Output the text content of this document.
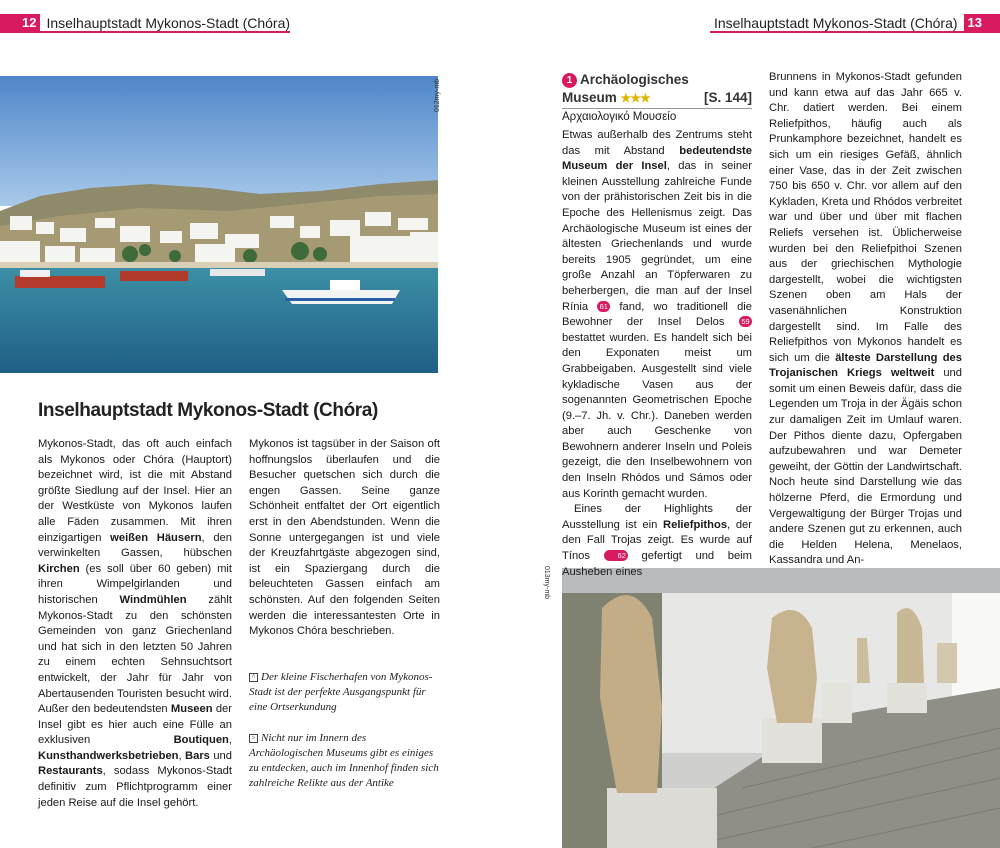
12 Inselhauptstadt Mykonos-Stadt (Chóra)	Inselhauptstadt Mykonos-Stadt (Chóra) 13
012my-mb
013my-mb
Inselhauptstadt Mykonos-Stadt (Chóra)
Mykonos-Stadt, das oft auch einfach als Mykonos oder Chóra (Hauptort) bezeichnet wird, ist die mit Abstand größte Siedlung auf der Insel. Hier an der Westküste von Mykonos laufen alle Fäden zusammen. Mit ihren einzigartigen weißen Häusern, den verwinkelten Gassen, hübschen Kirchen (es soll über 60 geben) mit ihren Wimpelgirlanden und historischen Windmühlen zählt Mykonos-Stadt zu den schönsten Gemeinden von ganz Griechenland und hat sich in den letzten 50 Jahren zu einem echten Sehnsuchtsort entwickelt, der Jahr für Jahr von Abertausenden Touristen besucht wird. Außer den bedeutendsten Museen der Insel gibt es hier auch eine Fülle an exklusiven Boutiquen, Kunsthandwerksbetrieben, Bars und Restaurants, sodass Mykonos-Stadt definitiv zum Pflichtprogramm einer jeden Reise auf die Insel gehört.
Mykonos ist tagsüber in der Saison oft hoffnungslos überlaufen und die Besucher quetschen sich durch die engen Gassen. Seine ganze Schönheit entfaltet der Ort eigentlich erst in den Abendstunden. Wenn die Sonne untergegangen ist und viele der Kreuzfahrtgäste abgezogen sind, ist ein Spaziergang durch die beleuchteten Gassen einfach am schönsten. Auf den folgenden Seiten werden die interessantesten Orte in Mykonos Chóra beschrieben.
^ Der kleine Fischerhafen von Mykonos-Stadt ist der perfekte Ausgangspunkt für eine Ortserkundung
> Nicht nur im Innern des Archäologischen Museums gibt es einiges zu entdecken, auch im Innenhof finden sich zahlreiche Relikte aus der Antike
1 Archäologisches
Museum ★★★	[S. 144]
Αρχαιολογικό Μουσείο
Etwas außerhalb des Zentrums steht das mit Abstand bedeutendste Museum der Insel, das in seiner kleinen Ausstellung zahlreiche Funde von der prähistorischen Zeit bis in die Epoche des Hellenismus zeigt. Das Archäologische Museum ist eines der ältesten Griechenlands und wurde bereits 1905 gegründet, um eine große Anzahl an Töpferwaren zu beherbergen, die man auf der Insel Rínia 61 fand, wo traditionell die Bewohner der Insel Delos 59 bestattet wurden. Es handelt sich bei den Exponaten meist um Grabbeigaben. Ausgestellt sind viele kykladische Vasen aus der sogenannten Geometrischen Epoche (9.–7. Jh. v. Chr.). Daneben werden aber auch Geschenke von Bewohnern anderer Inseln und Poleis gezeigt, die den Inselbewohnern von den Inseln Rhódos und Sámos oder aus Korinth gemacht wurden.
Eines der Highlights der Ausstellung ist ein Reliefpithos, der den Fall Trojas zeigt. Es wurde auf Tínos 62 gefertigt und beim Ausheben eines
Brunnens in Mykonos-Stadt gefunden und kann etwa auf das Jahr 665 v. Chr. datiert werden. Bei einem Reliefpithos, häufig auch als Prunkamphore bezeichnet, handelt es sich um ein riesiges Gefäß, ähnlich einer Vase, das in der Zeit zwischen 750 bis 650 v. Chr. vor allem auf den Kykladen, Kreta und Rhódos verbreitet war und über und über mit flachen Reliefs versehen ist. Üblicherweise wurden bei den Reliefpithoi Szenen aus der griechischen Mythologie dargestellt, wobei die wichtigsten Szenen oben am Hals der vasenähnlichen Konstruktion dargestellt sind. Im Falle des Reliefpithos von Mykonos handelt es sich um die älteste Darstellung des Trojanischen Kriegs weltweit und somit um einen Beweis dafür, dass die Legenden um Troja in der Ägäis schon zur damaligen Zeit im Umlauf waren. Der Pithos diente dazu, Opfergaben aufzubewahren und war Demeter geweiht, der Göttin der Landwirtschaft. Noch heute sind Darstellung wie das hölzerne Pferd, die Ermordung und Vergewaltigung der Bürger Trojas und andere Szenen gut zu erkennen, auch die Helden Helena, Menelaos, Kassandra und An-
